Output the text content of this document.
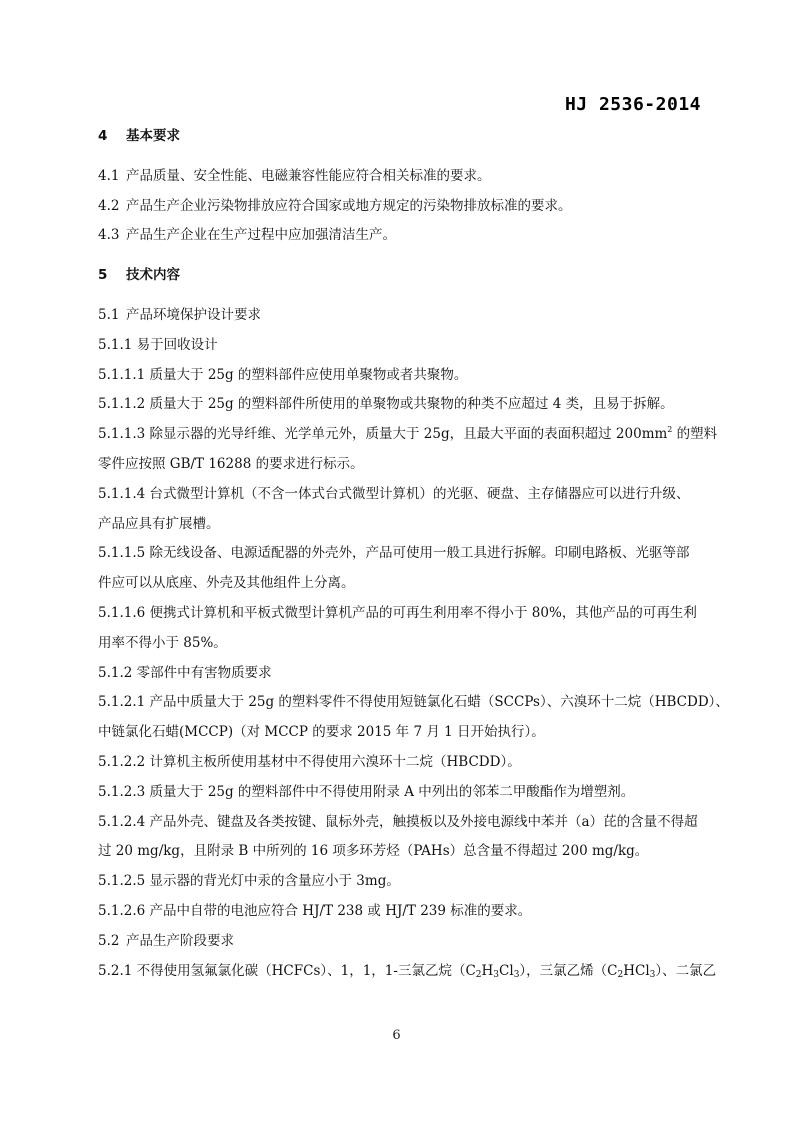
HJ 2536-2014

4 基本要求

4.1 产品质量、安全性能、电磁兼容性能应符合相关标准的要求。

4.2 产品生产企业污染物排放应符合国家或地方规定的污染物排放标准的要求。

4.3 产品生产企业在生产过程中应加强清洁生产。

5 技术内容

5.1 产品环境保护设计要求

5.1.1 易于回收设计

5.1.1.1 质量大于 25g 的塑料部件应使用单聚物或者共聚物。

5.1.1.2 质量大于 25g 的塑料部件所使用的单聚物或共聚物的种类不应超过 4 类，且易于拆解。

5.1.1.3 除显示器的光导纤维、光学单元外，质量大于 25g，且最大平面的表面积超过 $200mm^2$ 的塑料

零件应按照 GB/T 16288 的要求进行标示。

5.1.1.4 台式微型计算机（不含一体式台式微型计算机）的光驱、硬盘、主存储器应可以进行升级、

产品应具有扩展槽。

5.1.1.5 除无线设备、电源适配器的外壳外，产品可使用一般工具进行拆解。印刷电路板、光驱等部

件应可以从底座、外壳及其他组件上分离。

5.1.1.6 便携式计算机和平板式微型计算机产品的可再生利用率不得小于 80%，其他产品的可再生利

用率不得小于 85%。

5.1.2 零部件中有害物质要求

5.1.2.1 产品中质量大于 25g 的塑料零件不得使用短链氯化石蜡（SCCPs）、六溴环十二烷（HBCDD）、

中链氯化石蜡(MCCP)（对 MCCP 的要求 2015 年 7 月 1 日开始执行）。

5.1.2.2 计算机主板所使用基材中不得使用六溴环十二烷（HBCDD）。

5.1.2.3 质量大于 25g 的塑料部件中不得使用附录 A 中列出的邻苯二甲酸酯作为增塑剂。

5.1.2.4 产品外壳、键盘及各类按键、鼠标外壳，触摸板以及外接电源线中苯并（a）芘的含量不得超

过 20 mg/kg，且附录 B 中所列的 16 项多环芳烃（PAHs）总含量不得超过 200 mg/kg。

5.1.2.5 显示器的背光灯中汞的含量应小于 3mg。

5.1.2.6 产品中自带的电池应符合 HJ/T 238 或 HJ/T 239 标准的要求。

5.2 产品生产阶段要求

5.2.1 不得使用氢氟氯化碳（HCFCs）、1，1，1-三氯乙烷$(C_2H_3Cl_3)$，三氯乙烯$(C_2HCl_3)$、二氯乙

6
